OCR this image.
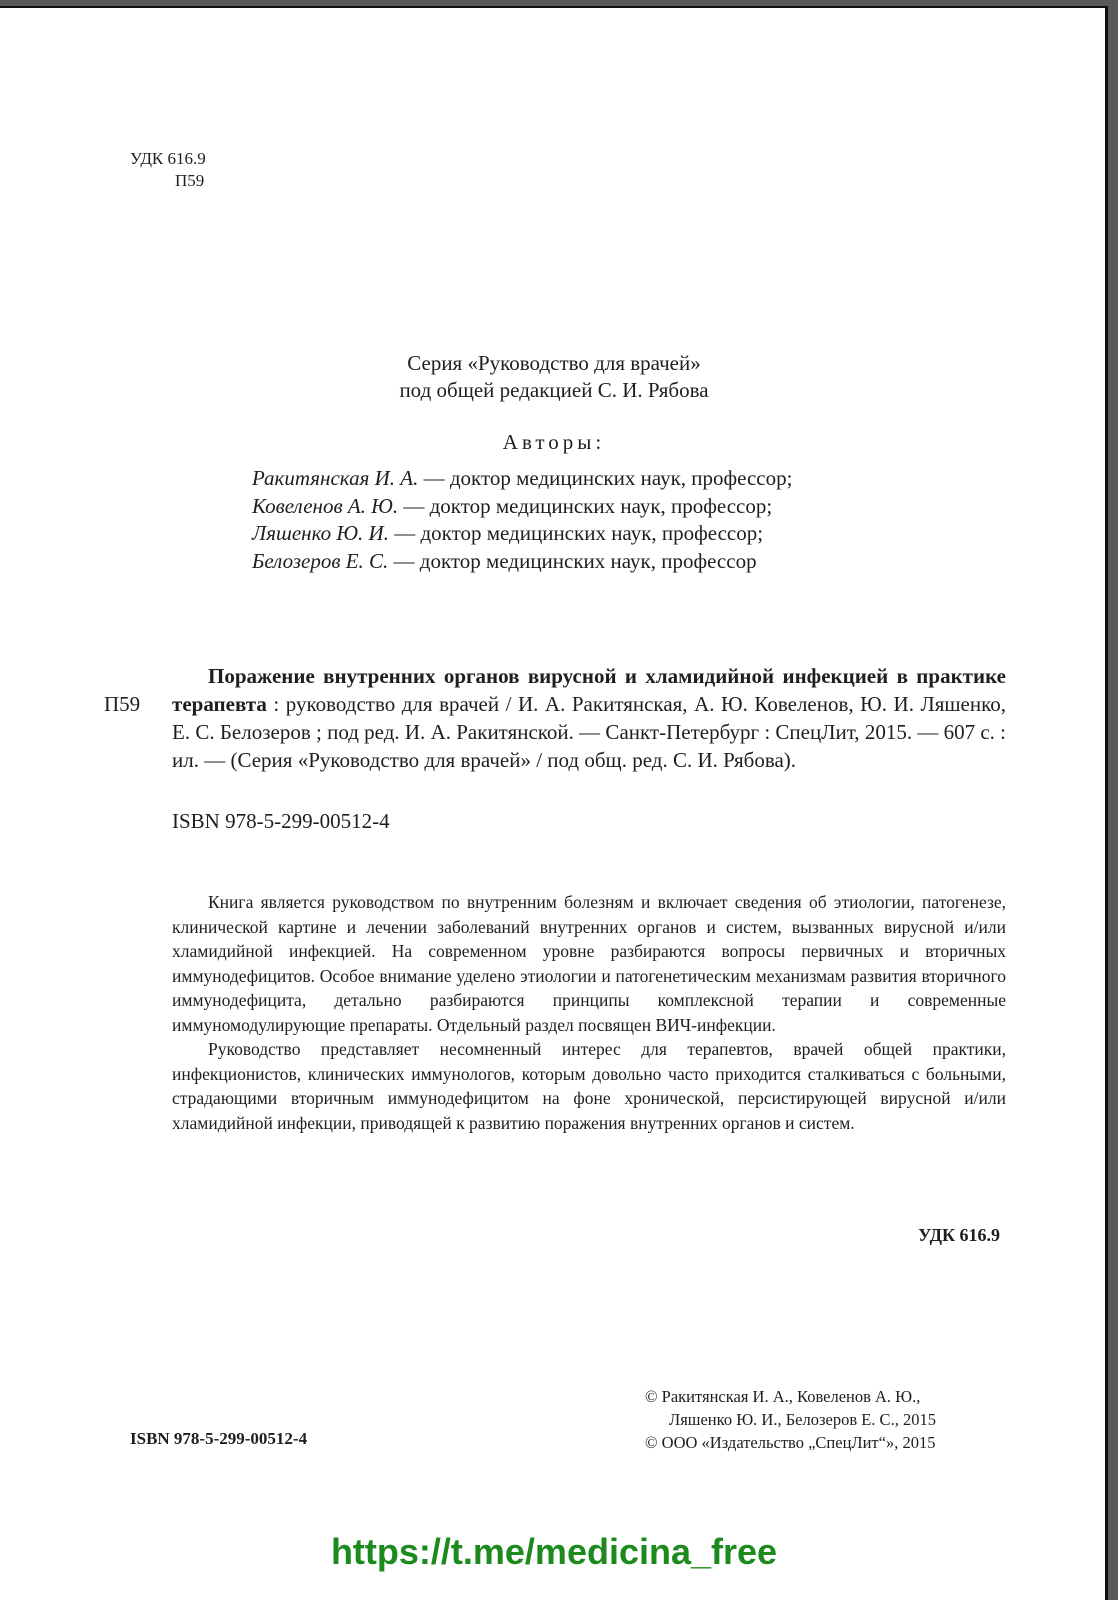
УДК 616.9
П59
Серия «Руководство для врачей»
под общей редакцией С. И. Рябова
Авторы:
Ракитянская И. А. — доктор медицинских наук, профессор;
Ковеленов А. Ю. — доктор медицинских наук, профессор;
Ляшенко Ю. И. — доктор медицинских наук, профессор;
Белозеров Е. С. — доктор медицинских наук, профессор
П59

Поражение внутренних органов вирусной и хламидийной инфекцией в практике терапевта : руководство для врачей / И. А. Ракитянская, А. Ю. Ковеленов, Ю. И. Ляшенко, Е. С. Белозеров ; под ред. И. А. Ракитянской. — Санкт-Петербург : СпецЛит, 2015. — 607 с. : ил. — (Серия «Руководство для врачей» / под общ. ред. С. И. Рябова).

ISBN 978-5-299-00512-4

Книга является руководством по внутренним болезням и включает сведения об этиологии, патогенезе, клинической картине и лечении заболеваний внутренних органов и систем, вызванных вирусной и/или хламидийной инфекцией. На современном уровне разбираются вопросы первичных и вторичных иммунодефицитов. Особое внимание уделено этиологии и патогенетическим механизмам развития вторичного иммунодефицита, детально разбираются принципы комплексной терапии и современные иммуномодулирующие препараты. Отдельный раздел посвящен ВИЧ-инфекции.

Руководство представляет несомненный интерес для терапевтов, врачей общей практики, инфекционистов, клинических иммунологов, которым довольно часто приходится сталкиваться с больными, страдающими вторичным иммунодефицитом на фоне хронической, персистирующей вирусной и/или хламидийной инфекции, приводящей к развитию поражения внутренних органов и систем.

УДК 616.9
ISBN 978-5-299-00512-4
© Ракитянская И. А., Ковеленов А. Ю.,
Ляшенко Ю. И., Белозеров Е. С., 2015
© ООО «Издательство „СпецЛит“», 2015
https://t.me/medicina_free
